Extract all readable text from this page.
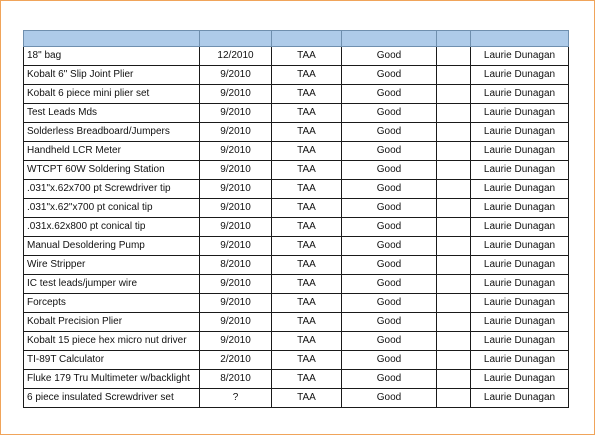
18" bag	12/2010	TAA	Good		Laurie Dunagan
Kobalt 6" Slip Joint Plier	9/2010	TAA	Good		Laurie Dunagan
Kobalt 6 piece mini plier set	9/2010	TAA	Good		Laurie Dunagan
Test Leads Mds	9/2010	TAA	Good		Laurie Dunagan
Solderless Breadboard/Jumpers	9/2010	TAA	Good		Laurie Dunagan
Handheld LCR Meter	9/2010	TAA	Good		Laurie Dunagan
WTCPT 60W Soldering Station	9/2010	TAA	Good		Laurie Dunagan
.031"x.62x700 pt Screwdriver tip	9/2010	TAA	Good		Laurie Dunagan
.031"x.62"x700 pt conical tip	9/2010	TAA	Good		Laurie Dunagan
.031x.62x800 pt conical tip	9/2010	TAA	Good		Laurie Dunagan
Manual Desoldering Pump	9/2010	TAA	Good		Laurie Dunagan
Wire Stripper	8/2010	TAA	Good		Laurie Dunagan
IC test leads/jumper wire	9/2010	TAA	Good		Laurie Dunagan
Forcepts	9/2010	TAA	Good		Laurie Dunagan
Kobalt Precision Plier	9/2010	TAA	Good		Laurie Dunagan
Kobalt 15 piece hex micro nut driver	9/2010	TAA	Good		Laurie Dunagan
TI-89T Calculator	2/2010	TAA	Good		Laurie Dunagan
Fluke 179 Tru Multimeter w/backlight	8/2010	TAA	Good		Laurie Dunagan
6 piece insulated Screwdriver set	?	TAA	Good		Laurie Dunagan
